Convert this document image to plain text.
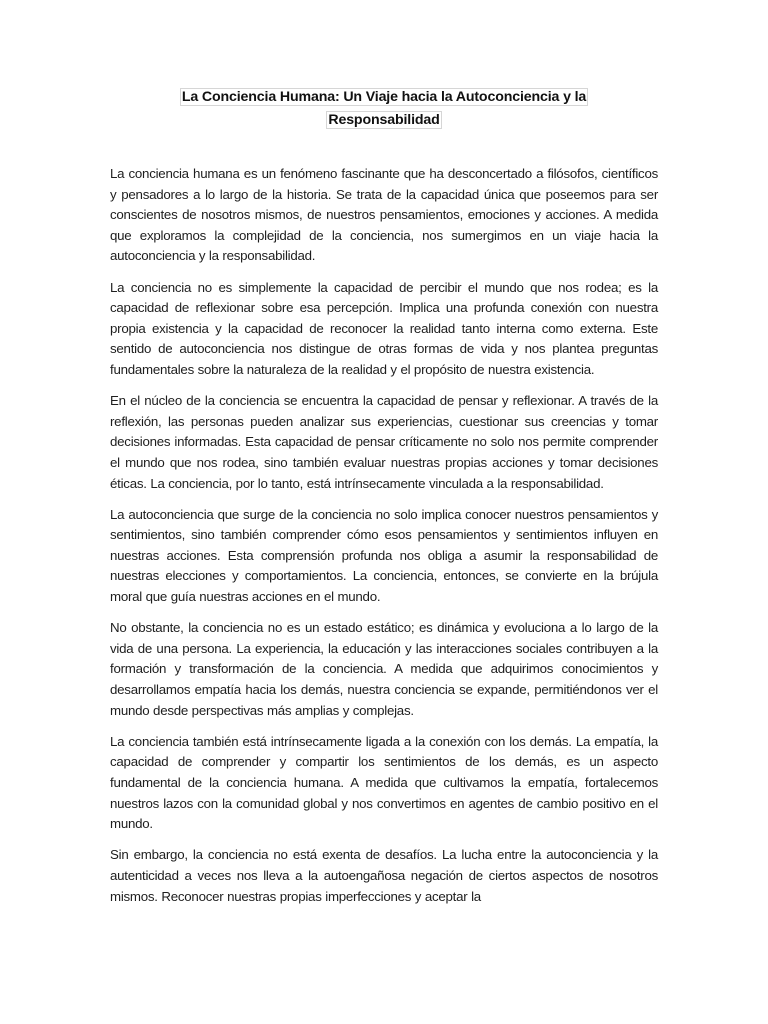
La Conciencia Humana: Un Viaje hacia la Autoconciencia y la
Responsabilidad

La conciencia humana es un fenómeno fascinante que ha desconcertado a filósofos, científicos y pensadores a lo largo de la historia. Se trata de la capacidad única que poseemos para ser conscientes de nosotros mismos, de nuestros pensamientos, emociones y acciones. A medida que exploramos la complejidad de la conciencia, nos sumergimos en un viaje hacia la autoconciencia y la responsabilidad.

La conciencia no es simplemente la capacidad de percibir el mundo que nos rodea; es la capacidad de reflexionar sobre esa percepción. Implica una profunda conexión con nuestra propia existencia y la capacidad de reconocer la realidad tanto interna como externa. Este sentido de autoconciencia nos distingue de otras formas de vida y nos plantea preguntas fundamentales sobre la naturaleza de la realidad y el propósito de nuestra existencia.

En el núcleo de la conciencia se encuentra la capacidad de pensar y reflexionar. A través de la reflexión, las personas pueden analizar sus experiencias, cuestionar sus creencias y tomar decisiones informadas. Esta capacidad de pensar críticamente no solo nos permite comprender el mundo que nos rodea, sino también evaluar nuestras propias acciones y tomar decisiones éticas. La conciencia, por lo tanto, está intrínsecamente vinculada a la responsabilidad.

La autoconciencia que surge de la conciencia no solo implica conocer nuestros pensamientos y sentimientos, sino también comprender cómo esos pensamientos y sentimientos influyen en nuestras acciones. Esta comprensión profunda nos obliga a asumir la responsabilidad de nuestras elecciones y comportamientos. La conciencia, entonces, se convierte en la brújula moral que guía nuestras acciones en el mundo.

No obstante, la conciencia no es un estado estático; es dinámica y evoluciona a lo largo de la vida de una persona. La experiencia, la educación y las interacciones sociales contribuyen a la formación y transformación de la conciencia. A medida que adquirimos conocimientos y desarrollamos empatía hacia los demás, nuestra conciencia se expande, permitiéndonos ver el mundo desde perspectivas más amplias y complejas.

La conciencia también está intrínsecamente ligada a la conexión con los demás. La empatía, la capacidad de comprender y compartir los sentimientos de los demás, es un aspecto fundamental de la conciencia humana. A medida que cultivamos la empatía, fortalecemos nuestros lazos con la comunidad global y nos convertimos en agentes de cambio positivo en el mundo.

Sin embargo, la conciencia no está exenta de desafíos. La lucha entre la autoconciencia y la autenticidad a veces nos lleva a la autoengañosa negación de ciertos aspectos de nosotros mismos. Reconocer nuestras propias imperfecciones y aceptar la
